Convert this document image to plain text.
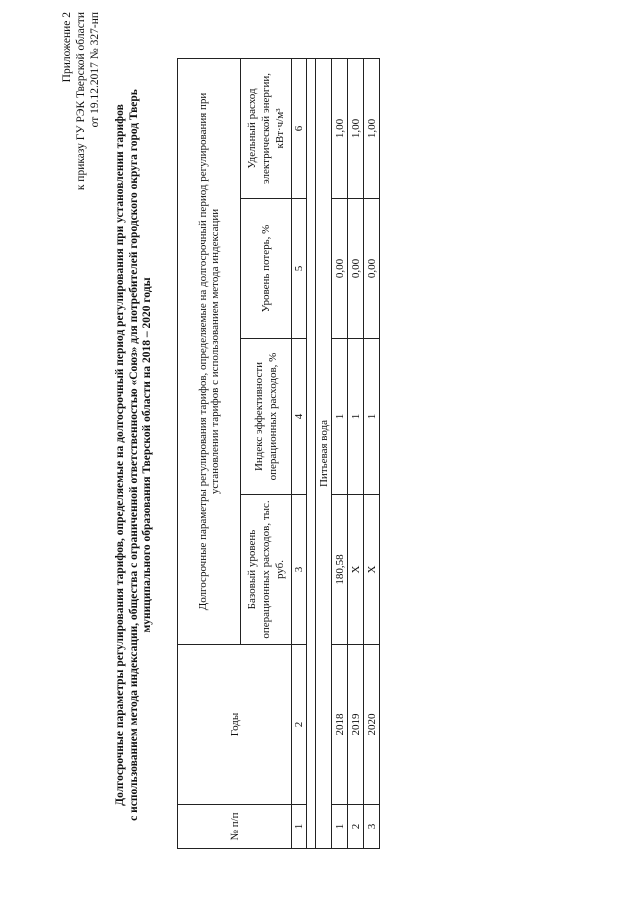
Приложение 2 к приказу ГУ РЭК Тверской области от 19.12.2017 № 327-нп
Долгосрочные параметры регулирования тарифов, определяемые на долгосрочный период регулирования при установлении тарифов с использованием метода индексации, общества с ограниченной ответственностью «Союз» для потребителей городского округа город Тверь муниципального образования Тверской области на 2018 – 2020 годы
№ п/п	Годы	Долгосрочные параметры регулирования тарифов, определяемые на долгосрочный период регулирования при установлении тарифов с использованием метода индексации			
		Базовый уровень операционных расходов, тыс. руб.	Индекс эффективности операционных расходов, %	Уровень потерь, %	Удельный расход электрической энергии, кВт·ч/м³
1	2	3	4	5	6

Питьевая вода					
1	2018	180,58	1	0,00	1,00
2	2019	Х	1	0,00	1,00
3	2020	Х	1	0,00	1,00
